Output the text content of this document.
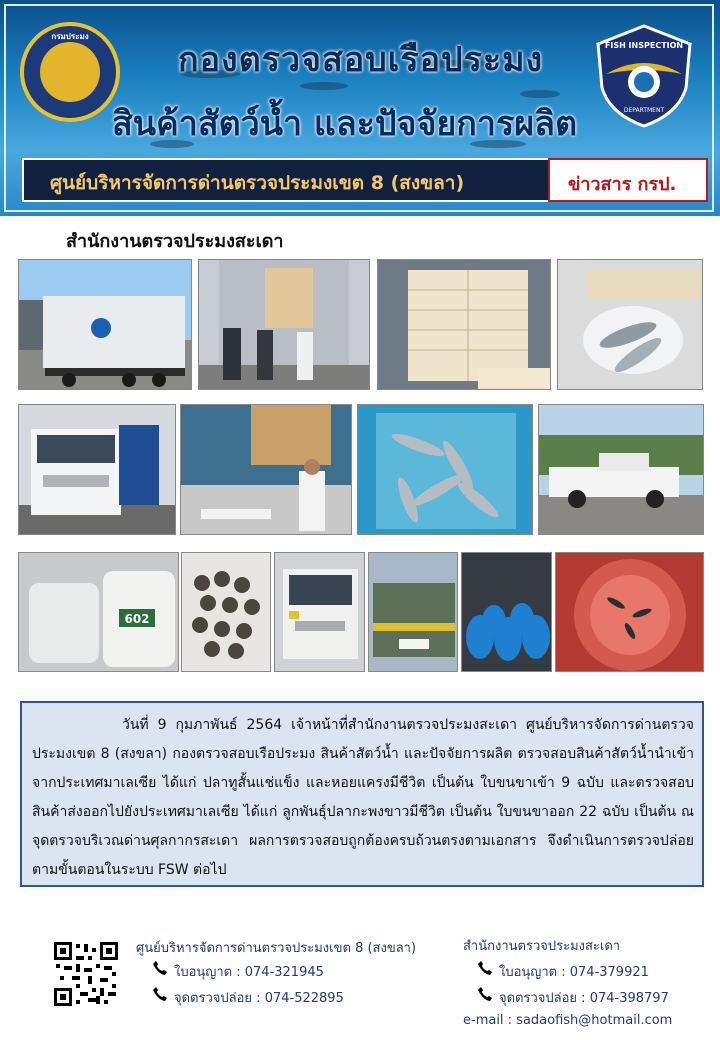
กรมประมง
FISH INSPECTION
DEPARTMENT
กองตรวจสอบเรือประมง
สินค้าสัตว์น้ำ และปัจจัยการผลิต
ศูนย์บริหารจัดการด่านตรวจประมงเขต 8 (สงขลา)	ข่าวสาร กรป.
สำนักงานตรวจประมงสะเดา
602

วันที่ 9 กุมภาพันธ์ 2564 เจ้าหน้าที่สำนักงานตรวจประมงสะเดา ศูนย์บริหารจัดการด่านตรวจประมงเขต 8 (สงขลา) กองตรวจสอบเรือประมง สินค้าสัตว์น้ำ และปัจจัยการผลิต ตรวจสอบสินค้าสัตว์น้ำนำเข้าจากประเทศมาเลเซีย ได้แก่ ปลาทูสั้นแช่แข็ง และหอยแครงมีชีวิต เป็นต้น ใบขนขาเข้า 9 ฉบับ และตรวจสอบสินค้าส่งออกไปยังประเทศมาเลเซีย ได้แก่ ลูกพันธุ์ปลากะพงขาวมีชีวิต เป็นต้น ใบขนขาออก 22 ฉบับ เป็นต้น ณ จุดตรวจบริเวณด่านศุลกากรสะเดา ผลการตรวจสอบถูกต้องครบถ้วนตรงตามเอกสาร จึงดำเนินการตรวจปล่อยตามขั้นตอนในระบบ FSW ต่อไป

ศูนย์บริหารจัดการด่านตรวจประมงเขต 8 (สงขลา)
ใบอนุญาต : 074-321945
จุดตรวจปล่อย : 074-522895
สำนักงานตรวจประมงสะเดา
ใบอนุญาต : 074-379921
จุดตรวจปล่อย : 074-398797
e-mail : sadaofish@hotmail.com
